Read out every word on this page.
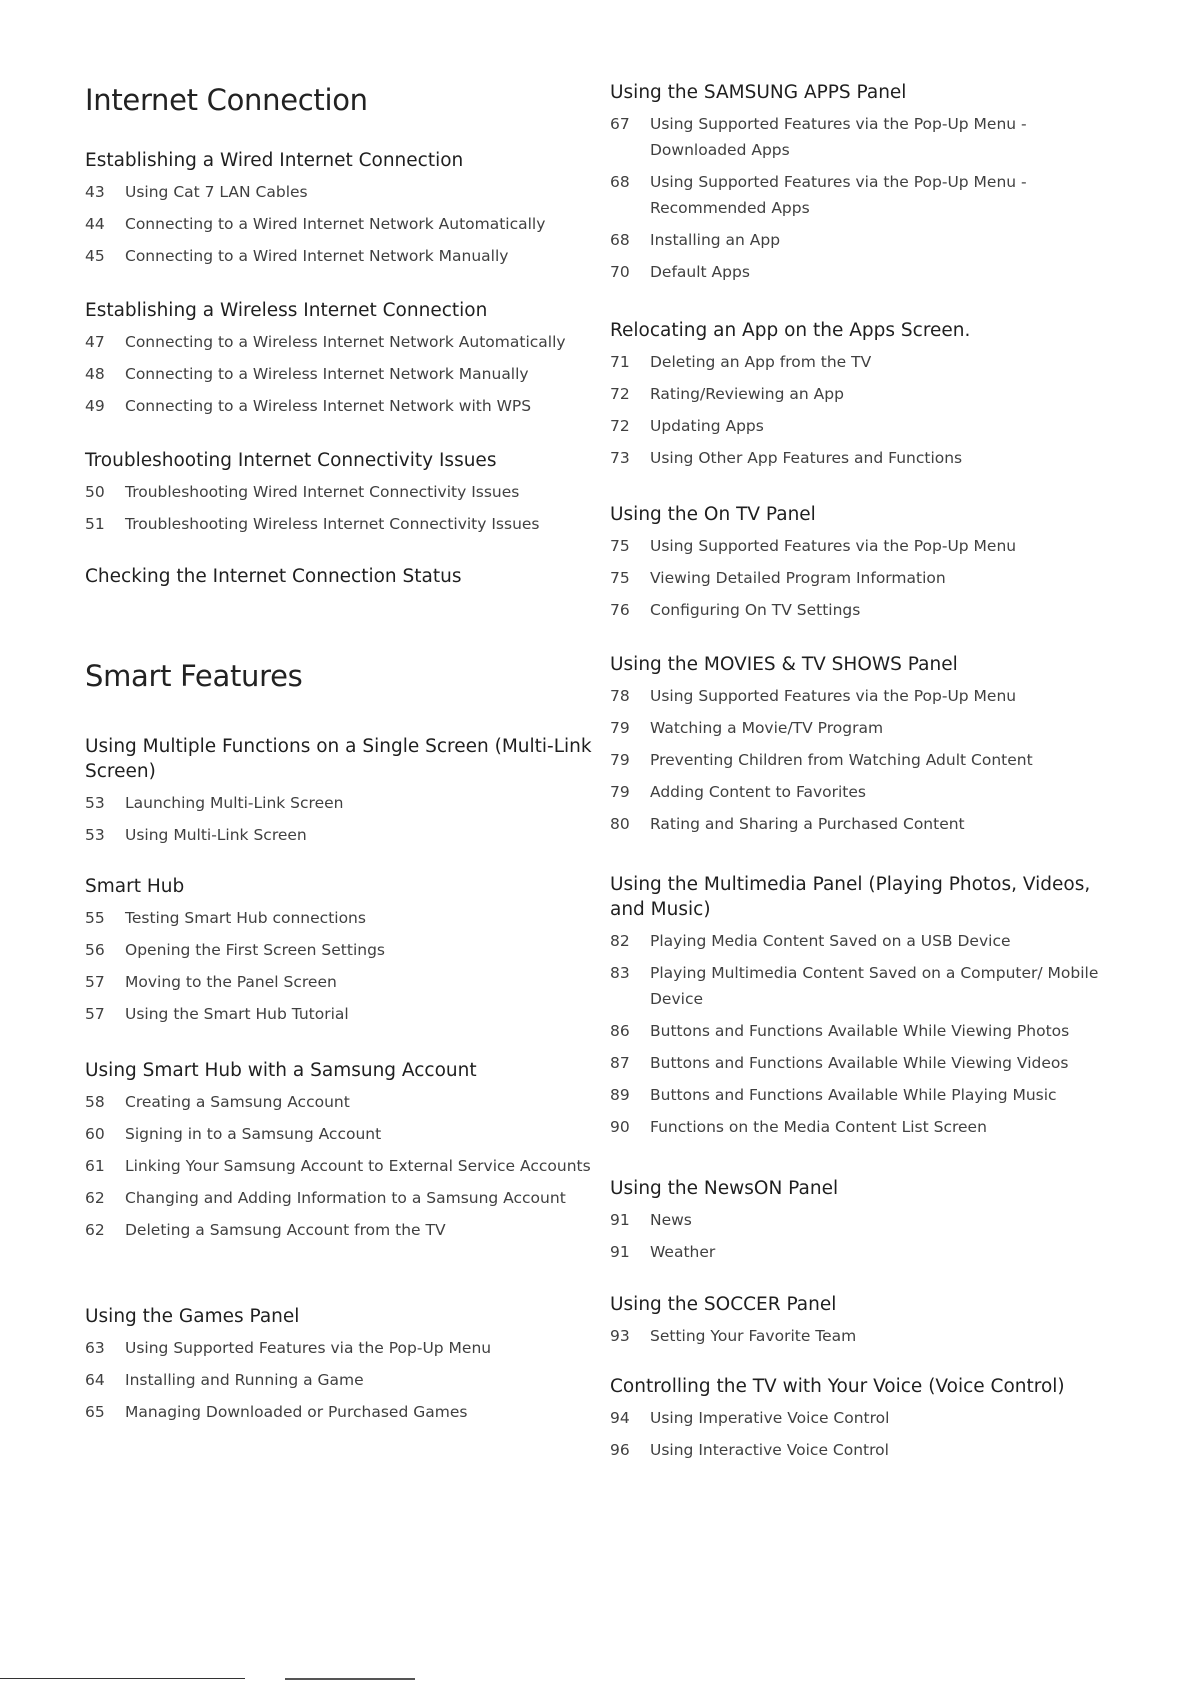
Internet Connection
Establishing a Wired Internet Connection
43	Using Cat 7 LAN Cables
44	Connecting to a Wired Internet Network Automatically
45	Connecting to a Wired Internet Network Manually
Establishing a Wireless Internet Connection
47	Connecting to a Wireless Internet Network Automatically
48	Connecting to a Wireless Internet Network Manually
49	Connecting to a Wireless Internet Network with WPS
Troubleshooting Internet Connectivity Issues
50	Troubleshooting Wired Internet Connectivity Issues
51	Troubleshooting Wireless Internet Connectivity Issues
Checking the Internet Connection Status
Smart Features
Using Multiple Functions on a Single Screen (Multi-Link Screen)
53	Launching Multi-Link Screen
53	Using Multi-Link Screen
Smart Hub
55	Testing Smart Hub connections
56	Opening the First Screen Settings
57	Moving to the Panel Screen
57	Using the Smart Hub Tutorial
Using Smart Hub with a Samsung Account
58	Creating a Samsung Account
60	Signing in to a Samsung Account
61	Linking Your Samsung Account to External Service Accounts
62	Changing and Adding Information to a Samsung Account
62	Deleting a Samsung Account from the TV
Using the Games Panel
63	Using Supported Features via the Pop-Up Menu
64	Installing and Running a Game
65	Managing Downloaded or Purchased Games
Using the SAMSUNG APPS Panel
67	Using Supported Features via the Pop-Up Menu - Downloaded Apps
68	Using Supported Features via the Pop-Up Menu - Recommended Apps
68	Installing an App
70	Default Apps
Relocating an App on the Apps Screen.
71	Deleting an App from the TV
72	Rating/Reviewing an App
72	Updating Apps
73	Using Other App Features and Functions
Using the On TV Panel
75	Using Supported Features via the Pop-Up Menu
75	Viewing Detailed Program Information
76	Configuring On TV Settings
Using the MOVIES & TV SHOWS Panel
78	Using Supported Features via the Pop-Up Menu
79	Watching a Movie/TV Program
79	Preventing Children from Watching Adult Content
79	Adding Content to Favorites
80	Rating and Sharing a Purchased Content
Using the Multimedia Panel (Playing Photos, Videos, and Music)
82	Playing Media Content Saved on a USB Device
83	Playing Multimedia Content Saved on a Computer/ Mobile Device
86	Buttons and Functions Available While Viewing Photos
87	Buttons and Functions Available While Viewing Videos
89	Buttons and Functions Available While Playing Music
90	Functions on the Media Content List Screen
Using the NewsON Panel
91	News
91	Weather
Using the SOCCER Panel
93	Setting Your Favorite Team
Controlling the TV with Your Voice (Voice Control)
94	Using Imperative Voice Control
96	Using Interactive Voice Control
